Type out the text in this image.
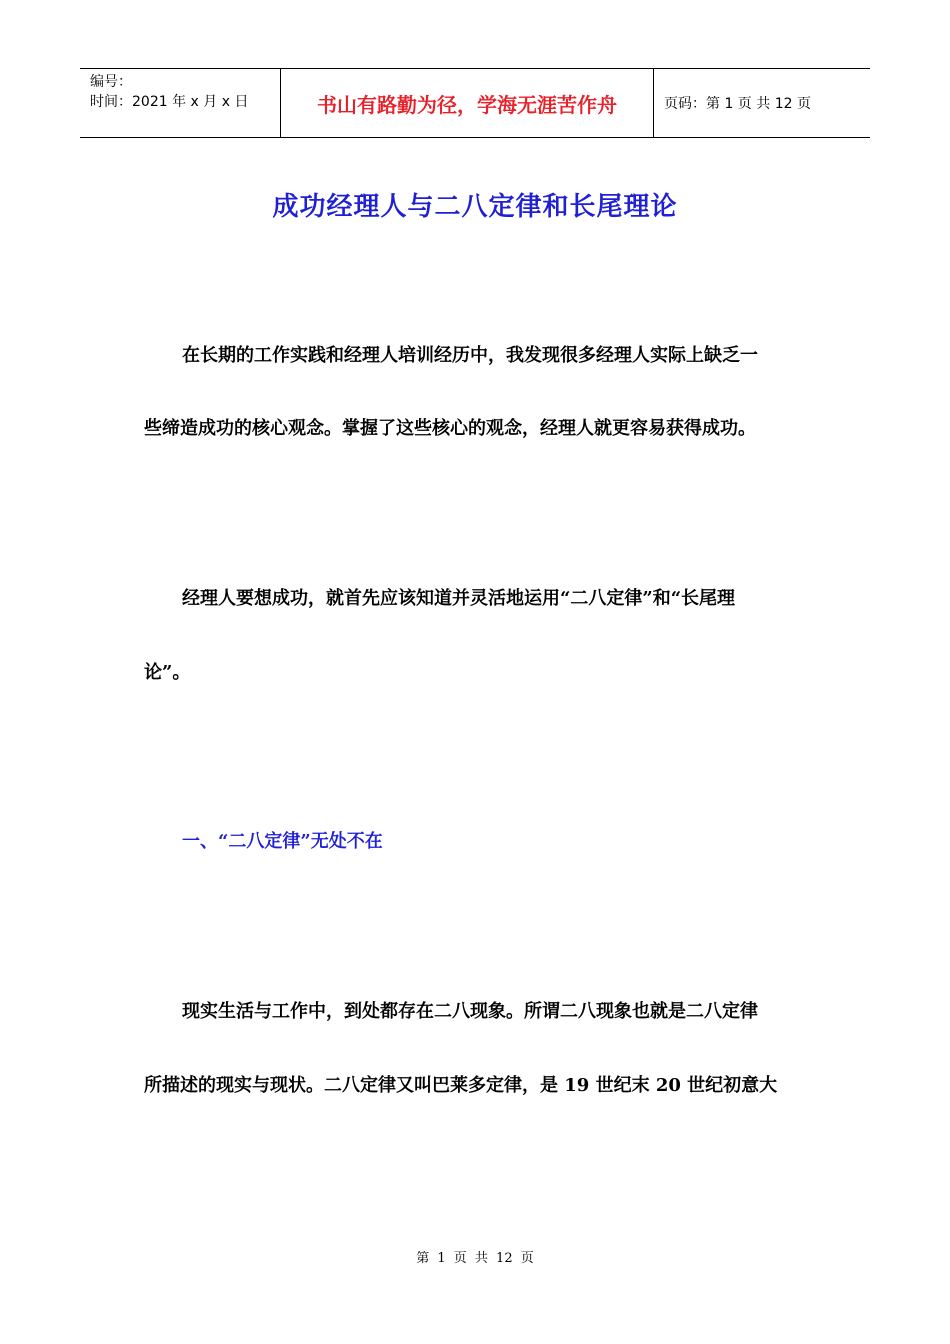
编号：
时间：2021 年 x 月 x 日	书山有路勤为径，学海无涯苦作舟	页码：第 1 页 共 12 页
成功经理人与二八定律和长尾理论
在长期的工作实践和经理人培训经历中，我发现很多经理人实际上缺乏一
些缔造成功的核心观念。掌握了这些核心的观念，经理人就更容易获得成功。
经理人要想成功，就首先应该知道并灵活地运用“二八定律”和“长尾理
论”。
一、“二八定律”无处不在
现实生活与工作中，到处都存在二八现象。所谓二八现象也就是二八定律
所描述的现实与现状。二八定律又叫巴莱多定律，是 19 世纪末 20 世纪初意大
第 1 页 共 12 页
